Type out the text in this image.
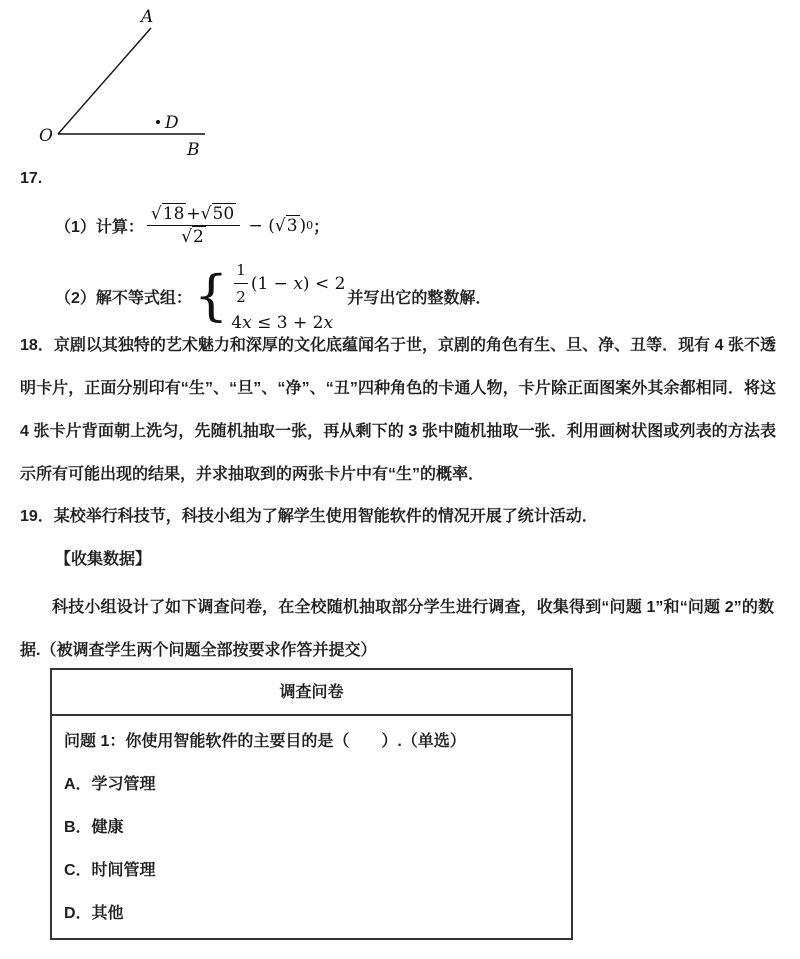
A
O
B
D
17.
（1） 计算： $\frac{√18 +√50}{√2}$ − ( √3 ) 0 ；
（2） 解不等式组： { $\frac{1}{2} (1 - x$ ) < 2
4 x ≤ 3 + 2 x
并写出它的整数解．
18．京剧以其独特的艺术魅力和深厚的文化底蕴闻名于世，京剧的角色有生、旦、净、丑等．现有 4 张不透明卡片，正面分别印有“生”、“旦”、“净”、“丑”四种角色的卡通人物，卡片除正面图案外其余都相同．将这 4 张卡片背面朝上洗匀，先随机抽取一张，再从剩下的 3 张中随机抽取一张．利用画树状图或列表的方法表示所有可能出现的结果，并求抽取到的两张卡片中有“生”的概率．
19．某校举行科技节，科技小组为了解学生使用智能软件的情况开展了统计活动．
【收集数据】
科技小组设计了如下调查问卷，在全校随机抽取部分学生进行调查，收集得到“问题 1”和“问题 2”的数据.（被调查学生两个问题全部按要求作答并提交）
调查问卷
问题 1：你使用智能软件的主要目的是（　　）.（单选）
A．学习管理
B．健康
C．时间管理
D．其他
